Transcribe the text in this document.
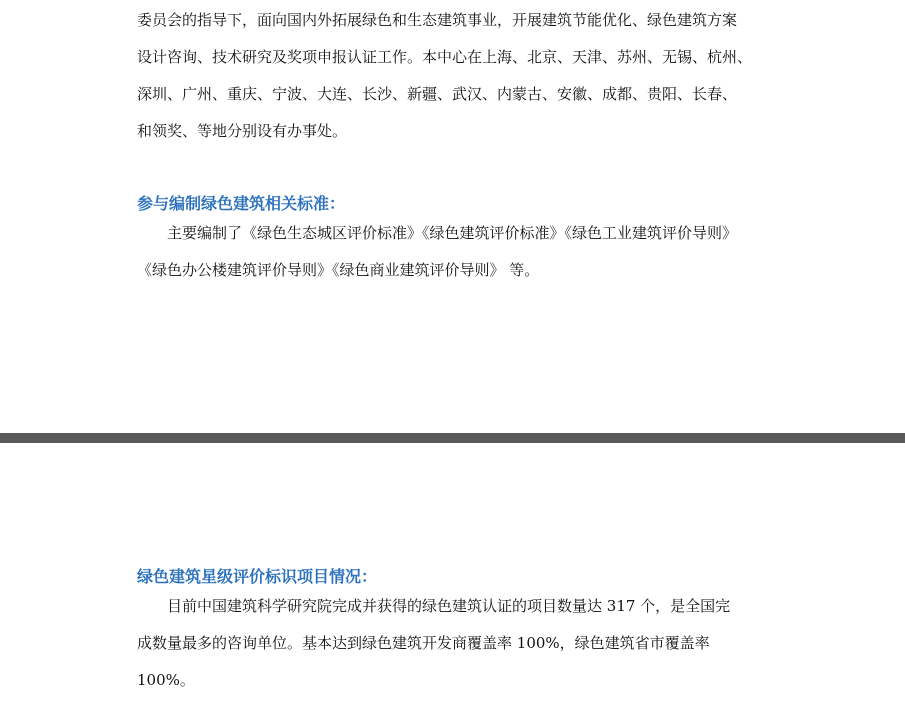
委员会的指导下，面向国内外拓展绿色和生态建筑事业，开展建筑节能优化、绿色建筑方案
设计咨询、技术研究及奖项申报认证工作。本中心在上海、北京、天津、苏州、无锡、杭州、
深圳、广州、重庆、宁波、大连、长沙、新疆、武汉、内蒙古、安徽、成都、贵阳、长春、
和领奖、等地分别设有办事处。
参与编制绿色建筑相关标准：
主要编制了《绿色生态城区评价标准》《绿色建筑评价标准》《绿色工业建筑评价导则》
《绿色办公楼建筑评价导则》《绿色商业建筑评价导则》 等。
绿色建筑星级评价标识项目情况：
目前中国建筑科学研究院完成并获得的绿色建筑认证的项目数量达 317 个，是全国完
成数量最多的咨询单位。基本达到绿色建筑开发商覆盖率 100%，绿色建筑省市覆盖率
100%。
